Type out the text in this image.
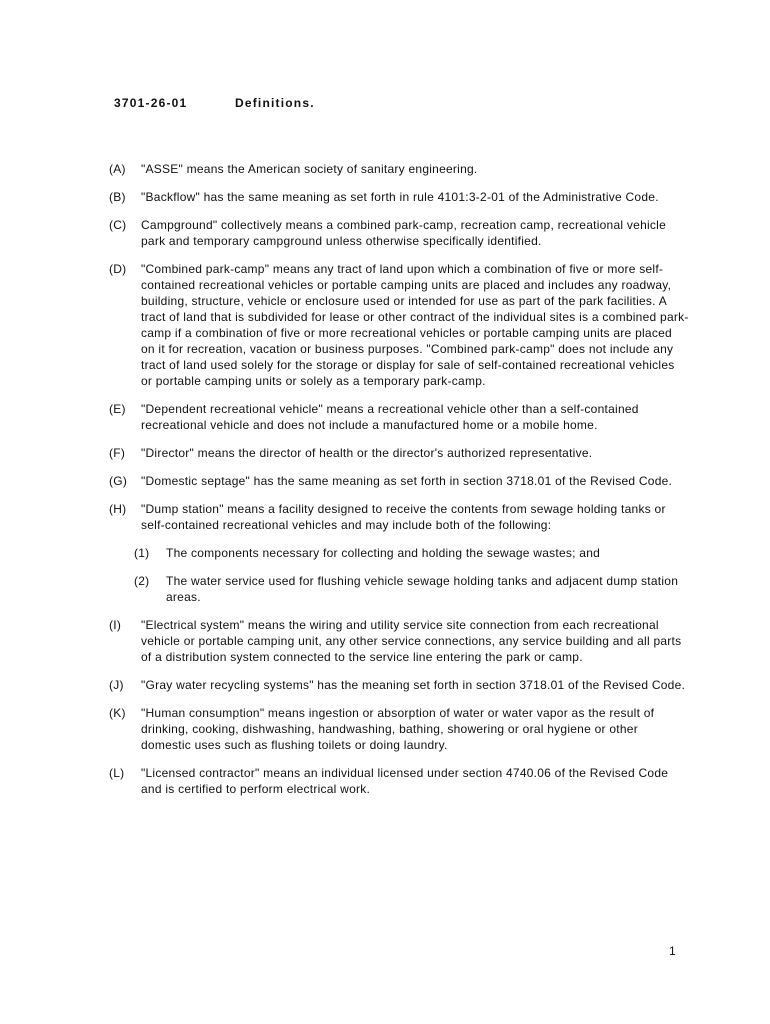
3701-26-01	Definitions.
(A) "ASSE" means the American society of sanitary engineering.
(B) "Backflow" has the same meaning as set forth in rule 4101:3-2-01 of the Administrative Code.
(C) Campground" collectively means a combined park-camp, recreation camp, recreational vehicle park and temporary campground unless otherwise specifically identified.
(D) "Combined park-camp" means any tract of land upon which a combination of five or more self-contained recreational vehicles or portable camping units are placed and includes any roadway, building, structure, vehicle or enclosure used or intended for use as part of the park facilities. A tract of land that is subdivided for lease or other contract of the individual sites is a combined park-camp if a combination of five or more recreational vehicles or portable camping units are placed on it for recreation, vacation or business purposes. "Combined park-camp" does not include any tract of land used solely for the storage or display for sale of self-contained recreational vehicles or portable camping units or solely as a temporary park-camp.
(E) "Dependent recreational vehicle" means a recreational vehicle other than a self-contained recreational vehicle and does not include a manufactured home or a mobile home.
(F) "Director" means the director of health or the director's authorized representative.
(G) "Domestic septage" has the same meaning as set forth in section 3718.01 of the Revised Code.
(H) "Dump station" means a facility designed to receive the contents from sewage holding tanks or self-contained recreational vehicles and may include both of the following:
(1) The components necessary for collecting and holding the sewage wastes; and
(2) The water service used for flushing vehicle sewage holding tanks and adjacent dump station areas.
(I) "Electrical system" means the wiring and utility service site connection from each recreational vehicle or portable camping unit, any other service connections, any service building and all parts of a distribution system connected to the service line entering the park or camp.
(J) "Gray water recycling systems" has the meaning set forth in section 3718.01 of the Revised Code.
(K) "Human consumption" means ingestion or absorption of water or water vapor as the result of drinking, cooking, dishwashing, handwashing, bathing, showering or oral hygiene or other domestic uses such as flushing toilets or doing laundry.
(L) "Licensed contractor" means an individual licensed under section 4740.06 of the Revised Code and is certified to perform electrical work.
1
